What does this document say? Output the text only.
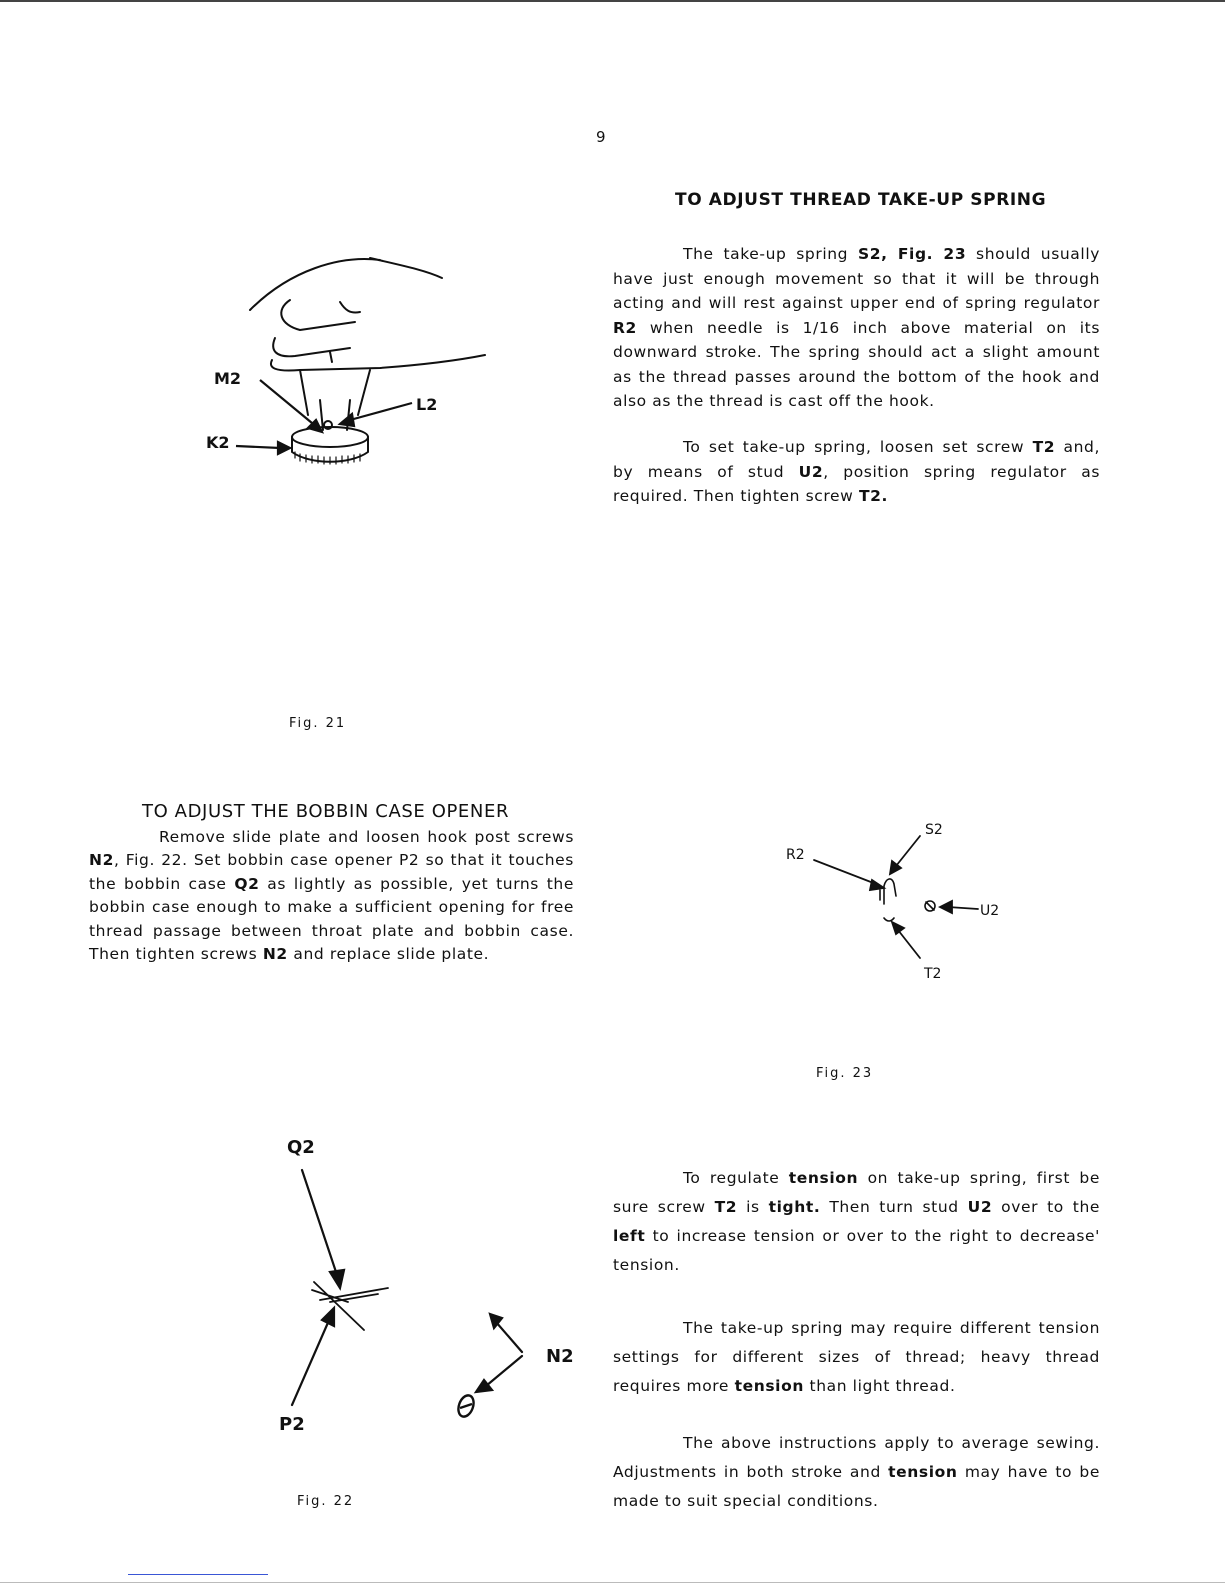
9
TO ADJUST THREAD TAKE-UP SPRING

The take-up spring S2, Fig. 23 should usually have just enough movement so that it will be through acting and will rest against upper end of spring regulator R2 when needle is 1/16 inch above material on its downward stroke. The spring should act a slight amount as the thread passes around the bottom of the hook and also as the thread is cast off the hook.

To set take-up spring, loosen set screw T2 and, by means of stud U2, position spring regulator as required. Then tighten screw T2.

M2
L2
K2
Fig. 21
TO ADJUST THE BOBBIN CASE OPENER

Remove slide plate and loosen hook post screws N2, Fig. 22. Set bobbin case opener P2 so that it touches the bobbin case Q2 as lightly as possible, yet turns the bobbin case enough to make a sufficient opening for free thread passage between throat plate and bobbin case. Then tighten screws N2 and replace slide plate.

S2
R2
U2
T2
Fig. 23
Q2
P2
N2
Fig. 22

To regulate tension on take-up spring, first be sure screw T2 is tight. Then turn stud U2 over to the left to increase tension or over to the right to decrease' tension.

The take-up spring may require different tension settings for different sizes of thread; heavy thread requires more tension than light thread.

The above instructions apply to average sewing. Adjustments in both stroke and tension may have to be made to suit special conditions.
